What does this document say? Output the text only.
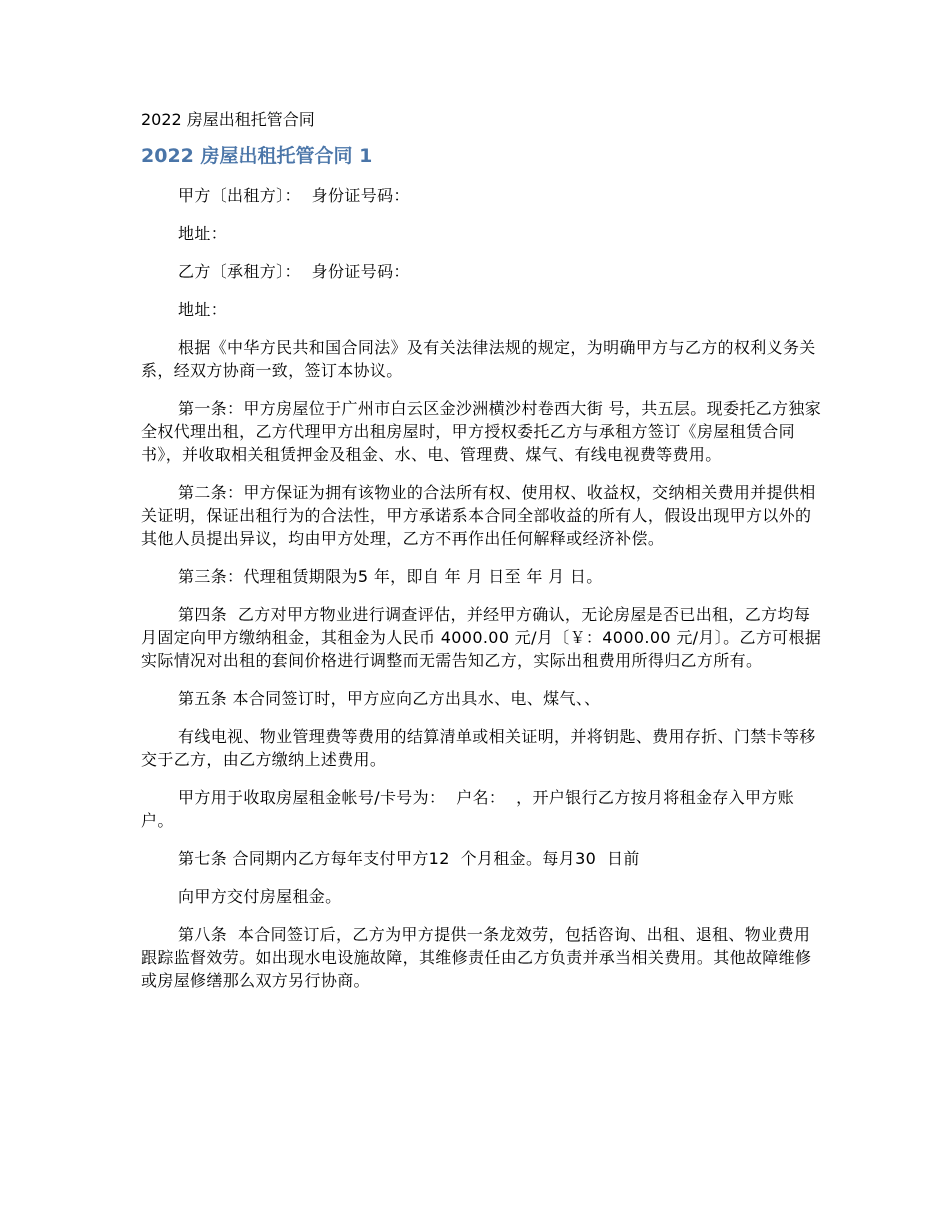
2022 房屋出租托管合同
2022 房屋出租托管合同 1
甲方〔出租方〕：  身份证号码：
地址：
乙方〔承租方〕：  身份证号码：
地址：
根据《中华方民共和国合同法》及有关法律法规的规定，为明确甲方与乙方的权利义务关系，经双方协商一致，签订本协议。
第一条：甲方房屋位于广州市白云区金沙洲横沙村卷西大街 号，共五层。现委托乙方独家全权代理出租，乙方代理甲方出租房屋时，甲方授权委托乙方与承租方签订《房屋租赁合同书》，并收取相关租赁押金及租金、水、电、管理费、煤气、有线电视费等费用。
第二条：甲方保证为拥有该物业的合法所有权、使用权、收益权，交纳相关费用并提供相关证明，保证出租行为的合法性，甲方承诺系本合同全部收益的所有人，假设出现甲方以外的其他人员提出异议，均由甲方处理，乙方不再作出任何解释或经济补偿。
第三条：代理租赁期限为5 年，即自 年 月 日至 年 月 日。
第四条  乙方对甲方物业进行调查评估，并经甲方确认，无论房屋是否已出租，乙方均每月固定向甲方缴纳租金，其租金为人民币 4000.00 元/月〔￥：4000.00 元/月〕。乙方可根据实际情况对出租的套间价格进行调整而无需告知乙方，实际出租费用所得归乙方所有。
第五条 本合同签订时，甲方应向乙方出具水、电、煤气、、
有线电视、物业管理费等费用的结算清单或相关证明，并将钥匙、费用存折、门禁卡等移交于乙方，由乙方缴纳上述费用。
甲方用于收取房屋租金帐号/卡号为：  户名：  ，开户银行乙方按月将租金存入甲方账户。
第七条 合同期内乙方每年支付甲方12  个月租金。每月30  日前
向甲方交付房屋租金。
第八条  本合同签订后，乙方为甲方提供一条龙效劳，包括咨询、出租、退租、物业费用跟踪监督效劳。如出现水电设施故障，其维修责任由乙方负责并承当相关费用。其他故障维修或房屋修缮那么双方另行协商。
